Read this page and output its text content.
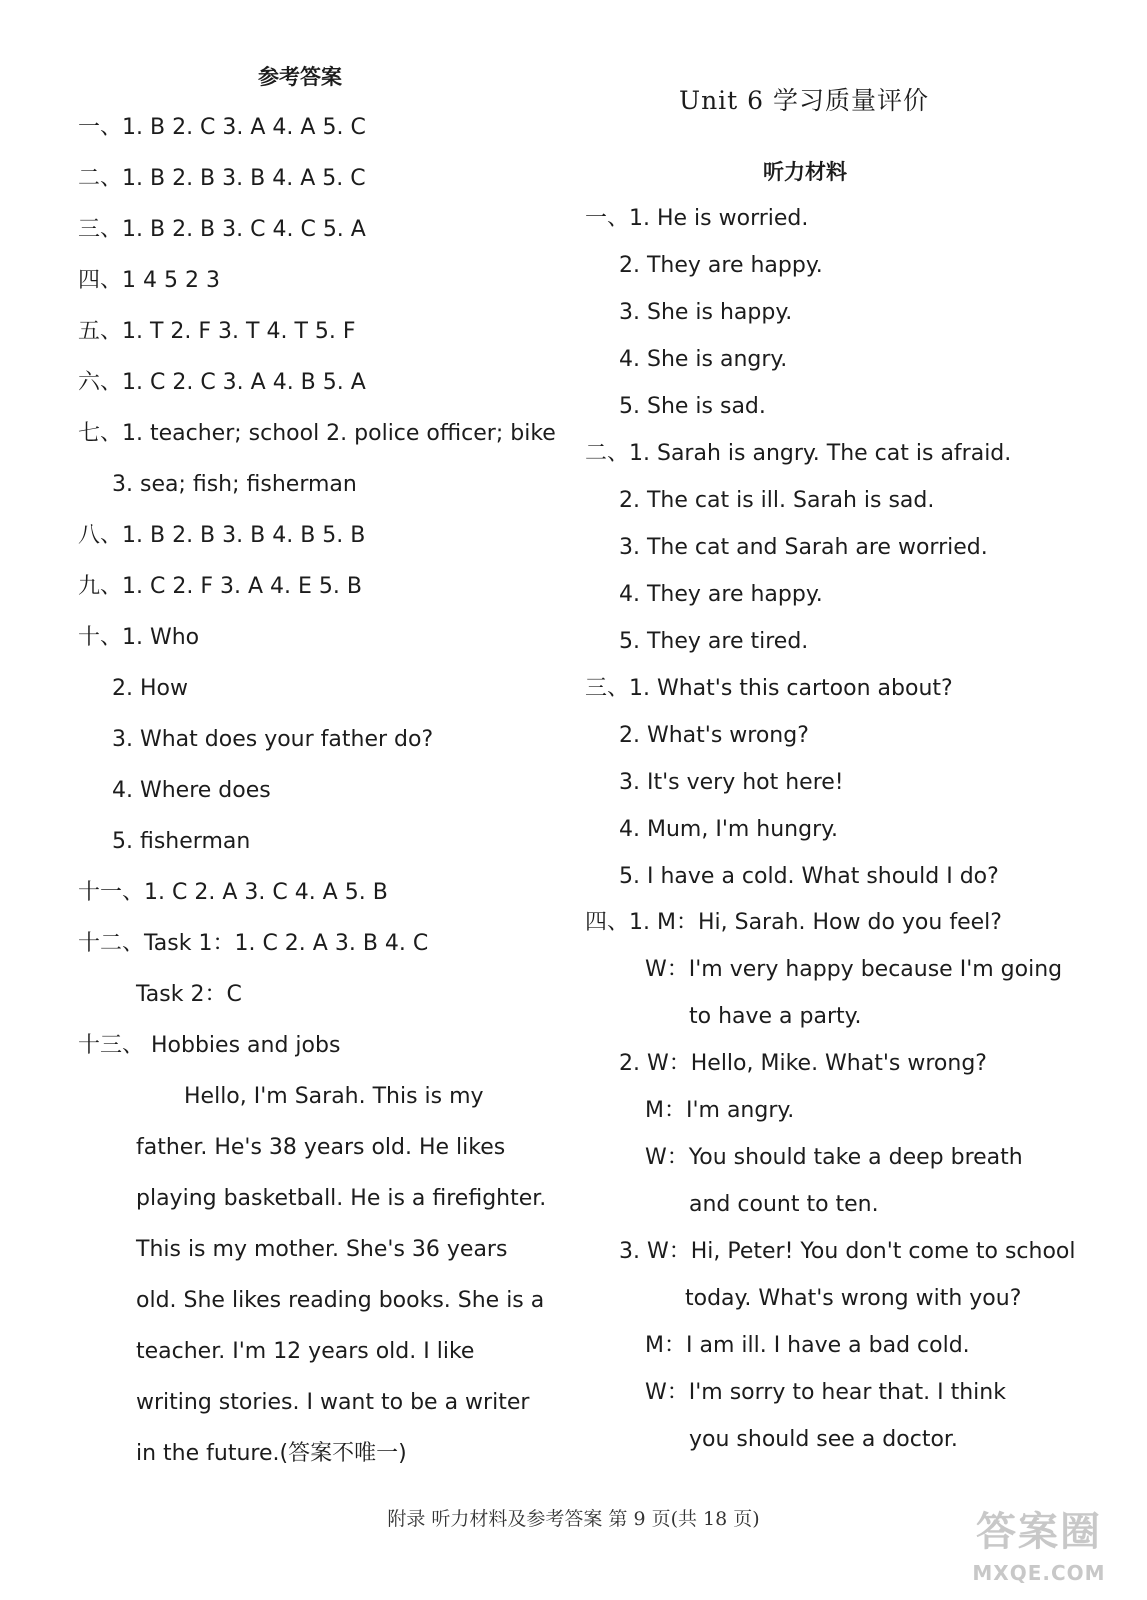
参考答案
一、1. B 2. C 3. A 4. A 5. C
二、1. B 2. B 3. B 4. A 5. C
三、1. B 2. B 3. C 4. C 5. A
四、1 4 5 2 3
五、1. T 2. F 3. T 4. T 5. F
六、1. C 2. C 3. A 4. B 5. A
七、1. teacher; school 2. police officer; bike
3. sea; fish; fisherman
八、1. B 2. B 3. B 4. B 5. B
九、1. C 2. F 3. A 4. E 5. B
十、1. Who
2. How
3. What does your father do?
4. Where does
5. fisherman
十一、1. C 2. A 3. C 4. A 5. B
十二、Task 1：1. C 2. A 3. B 4. C
Task 2：C
十三、 Hobbies and jobs
Hello, I'm Sarah. This is my
father. He's 38 years old. He likes
playing basketball. He is a firefighter.
This is my mother. She's 36 years
old. She likes reading books. She is a
teacher. I'm 12 years old. I like
writing stories. I want to be a writer
in the future.(答案不唯一)
Unit 6 学习质量评价
听力材料
一、1. He is worried.
2. They are happy.
3. She is happy.
4. She is angry.
5. She is sad.
二、1. Sarah is angry. The cat is afraid.
2. The cat is ill. Sarah is sad.
3. The cat and Sarah are worried.
4. They are happy.
5. They are tired.
三、1. What's this cartoon about?
2. What's wrong?
3. It's very hot here!
4. Mum, I'm hungry.
5. I have a cold. What should I do?
四、1. M：Hi, Sarah. How do you feel?
W：I'm very happy because I'm going
to have a party.
2. W：Hello, Mike. What's wrong?
M：I'm angry.
W：You should take a deep breath
and count to ten.
3. W：Hi, Peter! You don't come to school
today. What's wrong with you?
M：I am ill. I have a bad cold.
W：I'm sorry to hear that. I think
you should see a doctor.
附录 听力材料及参考答案 第 9 页(共 18 页)	答案圈
MXQE.COM
